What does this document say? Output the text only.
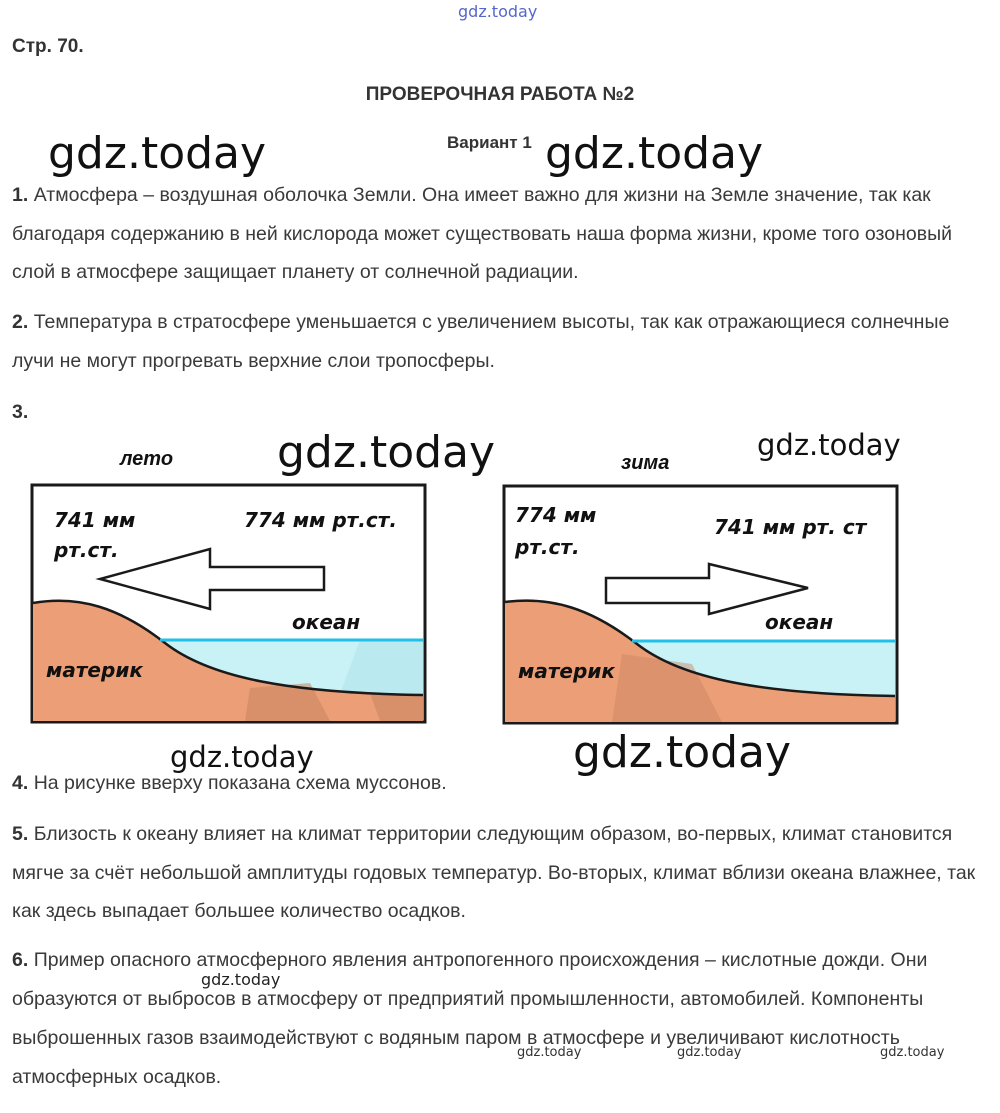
gdz.today
Стр. 70.
ПРОВЕРОЧНАЯ РАБОТА №2
Вариант 1
gdz.today	gdz.today
1. Атмосфера – воздушная оболочка Земли. Она имеет важно для жизни на Земле значение, так как благодаря содержанию в ней кислорода может существовать наша форма жизни, кроме того озоновый слой в атмосфере защищает планету от солнечной радиации.
2. Температура в стратосфере уменьшается с увеличением высоты, так как отражающиеся солнечные лучи не могут прогревать верхние слои тропосферы.
3.
лето	зима
gdz.today	gdz.today
741 мм
рт.ст.
774 мм рт.ст.
океан
материк
774 мм
рт.ст.
741 мм рт. ст
океан
материк
gdz.today	gdz.today
4. На рисунке вверху показана схема муссонов.
5. Близость к океану влияет на климат территории следующим образом, во-первых, климат становится мягче за счёт небольшой амплитуды годовых температур. Во-вторых, климат вблизи океана влажнее, так как здесь выпадает большее количество осадков.
6. Пример опасного атмосферного явления антропогенного происхождения – кислотные дожди. Они образуются от выбросов в атмосферу от предприятий промышленности, автомобилей. Компоненты выброшенных газов взаимодействуют с водяным паром в атмосфере и увеличивают кислотность атмосферных осадков.
gdz.today
gdz.today	gdz.today	gdz.today
